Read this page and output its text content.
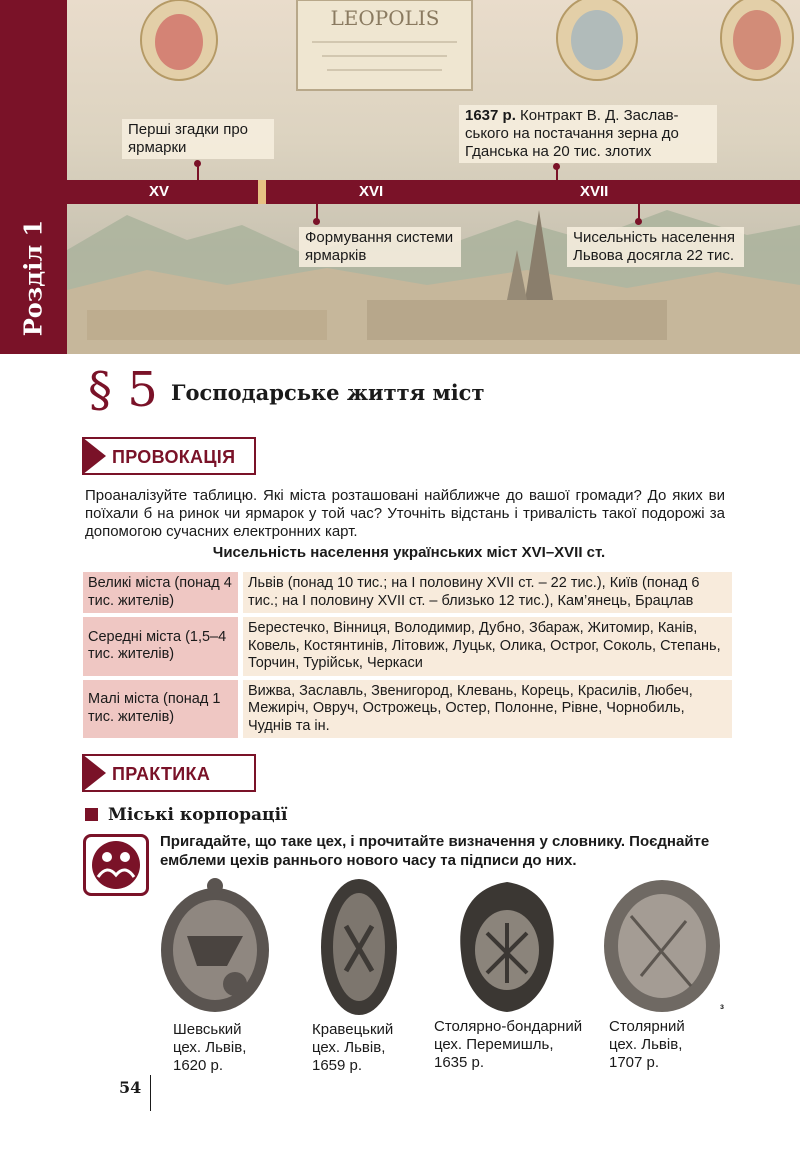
LEOPOLIS
Розділ 1
XV	XVI	XVII
Перші згадки про ярмарки
1637 р. Контракт В. Д. Заслав-ського на постачання зерна до Гданська на 20 тис. злотих
Формування системи ярмарків
Чисельність населення Львова досягла 22 тис.
§ 5 Господарське життя міст
ПРОВОКАЦІЯ
Проаналізуйте таблицю. Які міста розташовані найближче до вашої громади? До яких ви поїхали б на ринок чи ярмарок у той час? Уточніть відстань і тривалість такої подорожі за допомогою сучасних електронних карт.
Чисельність населення українських міст XVI–XVII ст.
Великі міста (понад 4 тис. жителів)	Львів (понад 10 тис.; на І половину XVII ст. – 22 тис.), Київ (понад 6 тис.; на І половину XVII ст. – близько 12 тис.), Кам’янець, Брацлав
Середні міста (1,5–4 тис. жителів)	Берестечко, Вінниця, Володимир, Дубно, Збараж, Житомир, Канів, Ковель, Костянтинів, Літовиж, Луцьк, Олика, Острог, Сокoль, Степань, Торчин, Турійськ, Черкаси
Малі міста (понад 1 тис. жителів)	Вижва, Заславль, Звенигород, Клевань, Корець, Красилів, Любеч, Межиріч, Овруч, Острожець, Остер, Полонне, Рівне, Чорнобиль, Чуднів та ін.
ПРАКТИКА
Міські корпорації
Пригадайте, що таке цех, і прочитайте визначення у словнику. Поєднайте емблеми цехів раннього нового часу та підписи до них.
з
Шевський
цех. Львів,
1620 р.
Кравецький
цех. Львів,
1659 р.
Столярно-бондарний
цех. Перемишль,
1635 р.
Столярний
цех. Львів,
1707 р.
54
